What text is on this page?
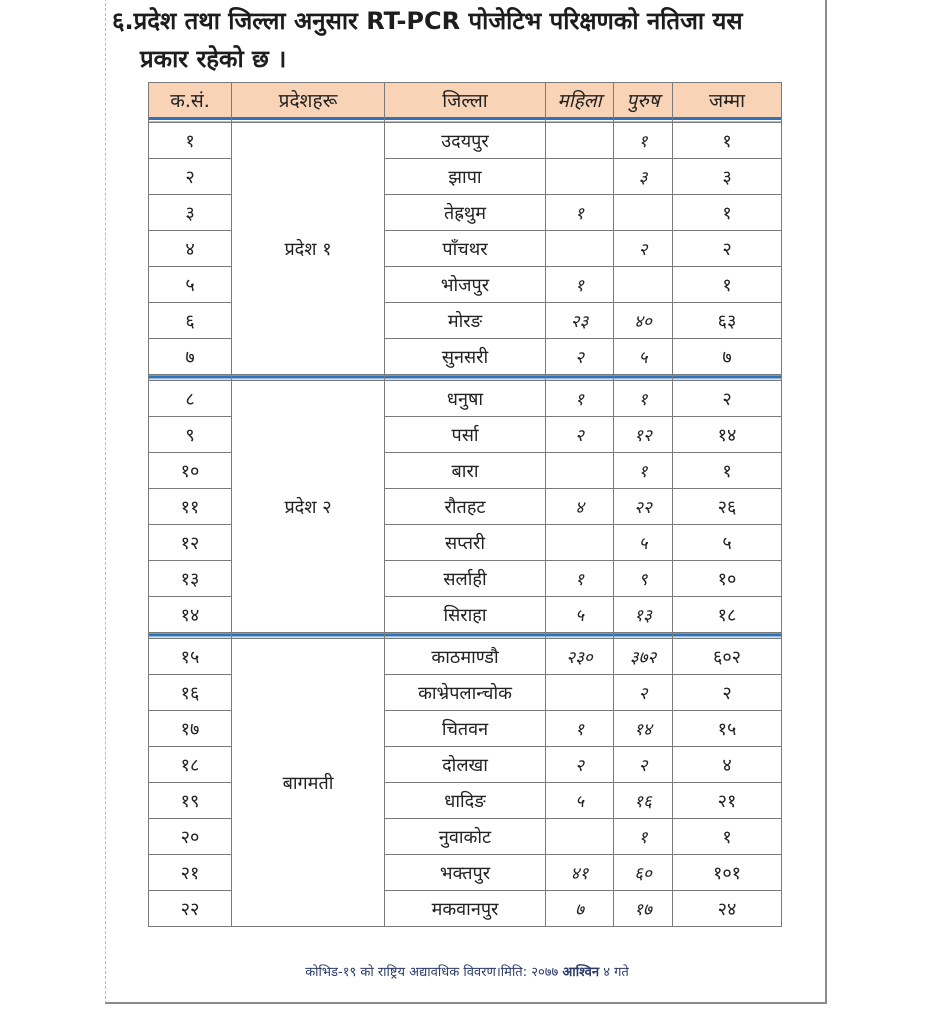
६.प्रदेश तथा जिल्ला अनुसार RT-PCR पोजेटिभ परिक्षणको नतिजा यस
प्रकार रहेको छ ।
क.सं.	प्रदेशहरू	जिल्ला	महिला	पुरुष	जम्मा

१	प्रदेश १	उदयपुर		१	१
२		झापा		३	३
३		तेह्रथुम	१		१
४		पाँचथर		२	२
५		भोजपुर	१		१
६		मोरङ	२३	४०	६३
७		सुनसरी	२	५	७

८	प्रदेश २	धनुषा	१	१	२
९		पर्सा	२	१२	१४
१०		बारा		१	१
११		रौतहट	४	२२	२६
१२		सप्तरी		५	५
१३		सर्लाही	१	९	१०
१४		सिराहा	५	१३	१८

१५	बागमती	काठमाण्डौ	२३०	३७२	६०२
१६		काभ्रेपलान्चोक		२	२
१७		चितवन	१	१४	१५
१८		दोलखा	२	२	४
१९		धादिङ	५	१६	२१
२०		नुवाकोट		१	१
२१		भक्तपुर	४१	६०	१०१
२२		मकवानपुर	७	१७	२४
कोभिड-१९ को राष्ट्रिय अद्यावधिक विवरण।मिति: २०७७ आश्विन ४ गते
